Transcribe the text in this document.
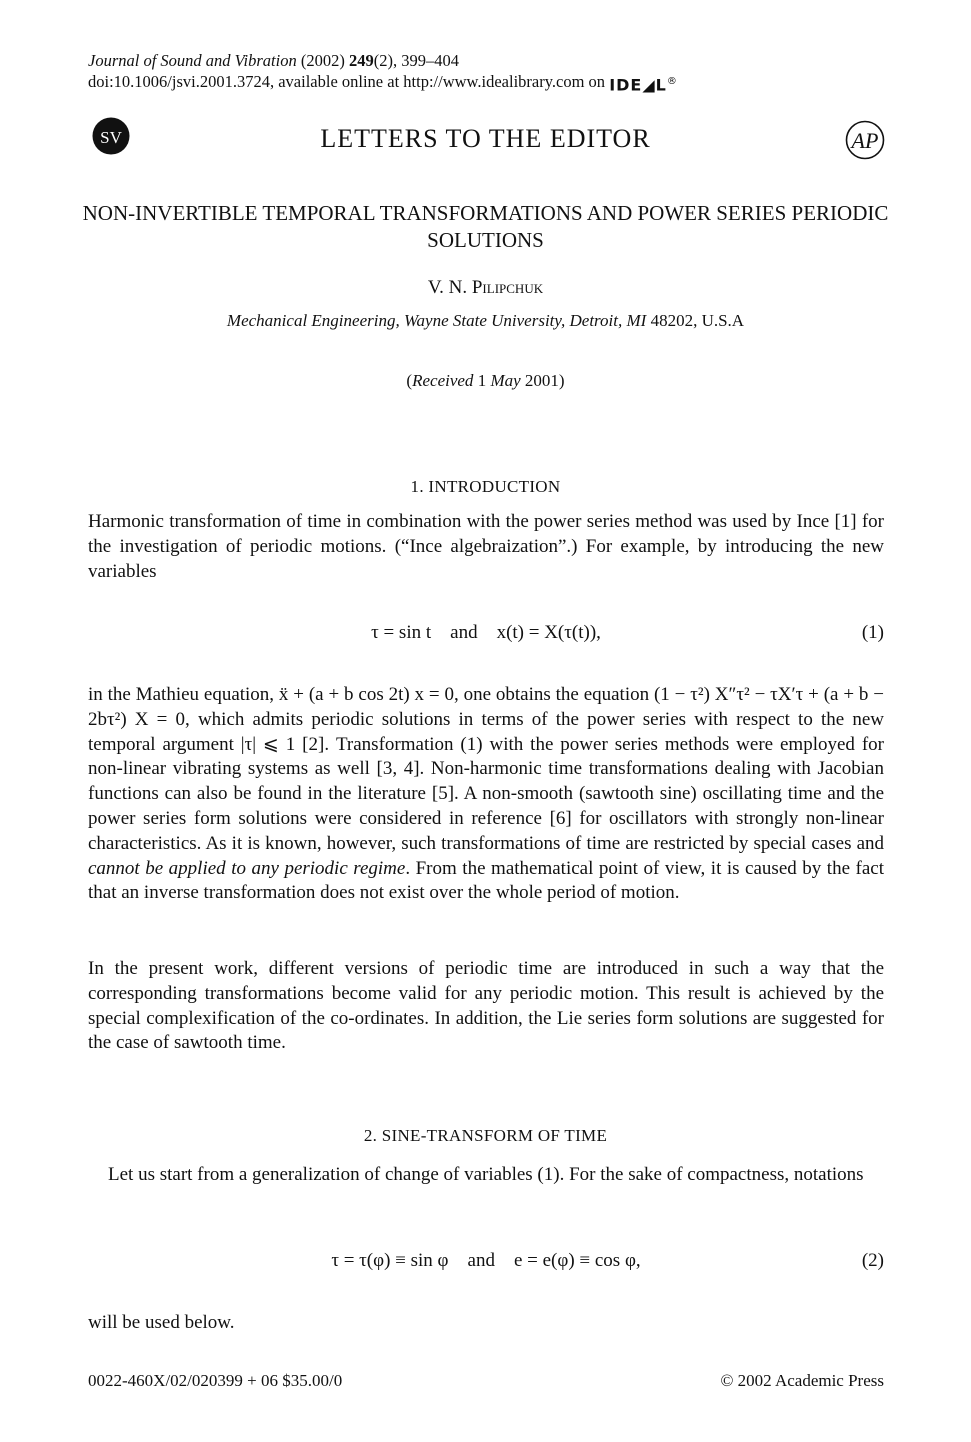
Journal of Sound and Vibration (2002) 249(2), 399–404
doi:10.1006/jsvi.2001.3724, available online at http://www.idealibrary.com on IDE◢L®
SV	LETTERS TO THE EDITOR	AP
NON-INVERTIBLE TEMPORAL TRANSFORMATIONS AND POWER SERIES PERIODIC SOLUTIONS
V. N. Pilipchuk
Mechanical Engineering, Wayne State University, Detroit, MI 48202, U.S.A
(Received 1 May 2001)
1. INTRODUCTION
Harmonic transformation of time in combination with the power series method was used by Ince [1] for the investigation of periodic motions. (“Ince algebraization”.) For example, by introducing the new variables
τ = sin t    and    x(t) = X(τ(t)),	(1)
in the Mathieu equation, ẍ + (a + b cos 2t) x = 0, one obtains the equation (1 − τ²) X″τ² − τX′τ + (a + b − 2bτ²) X = 0, which admits periodic solutions in terms of the power series with respect to the new temporal argument |τ| ⩽ 1 [2]. Transformation (1) with the power series methods were employed for non-linear vibrating systems as well [3, 4]. Non-harmonic time transformations dealing with Jacobian functions can also be found in the literature [5]. A non-smooth (sawtooth sine) oscillating time and the power series form solutions were considered in reference [6] for oscillators with strongly non-linear characteristics. As it is known, however, such transformations of time are restricted by special cases and cannot be applied to any periodic regime. From the mathematical point of view, it is caused by the fact that an inverse transformation does not exist over the whole period of motion.
In the present work, different versions of periodic time are introduced in such a way that the corresponding transformations become valid for any periodic motion. This result is achieved by the special complexification of the co-ordinates. In addition, the Lie series form solutions are suggested for the case of sawtooth time.
2. SINE-TRANSFORM OF TIME
Let us start from a generalization of change of variables (1). For the sake of compactness, notations
τ = τ(φ) ≡ sin φ    and    e = e(φ) ≡ cos φ,	(2)
will be used below.
0022-460X/02/020399 + 06 $35.00/0	© 2002 Academic Press
